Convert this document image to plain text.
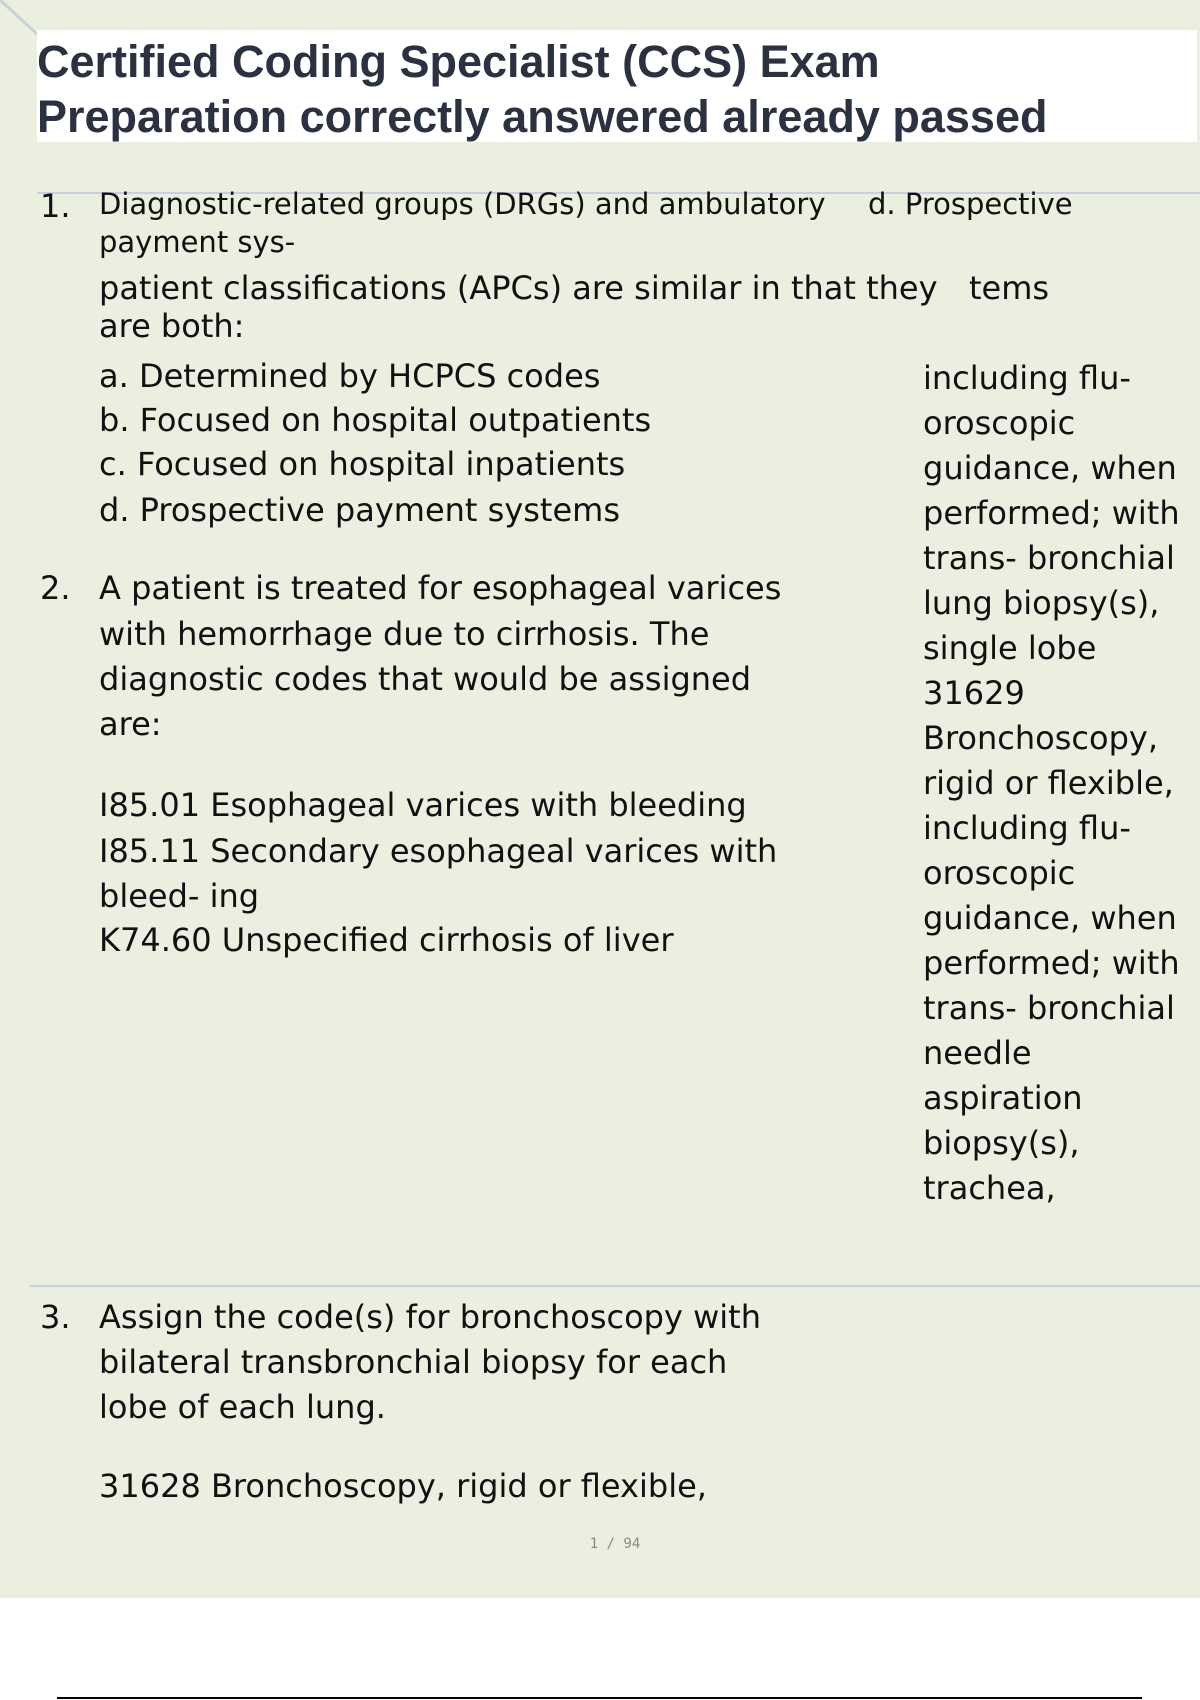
Certified Coding Specialist (CCS) Exam
Preparation correctly answered already passed
1. Diagnostic-related groups (DRGs) and ambulatory d. Prospective
payment sys-
patient classifications (APCs) are similar in that they tems
are both:
a. Determined by HCPCS codes
b. Focused on hospital outpatients
c. Focused on hospital inpatients
d. Prospective payment systems
2. A patient is treated for esophageal varices
with hemorrhage due to cirrhosis. The
diagnostic codes that would be assigned
are:
I85.01 Esophageal varices with bleeding
I85.11 Secondary esophageal varices with
bleed- ing
K74.60 Unspecified cirrhosis of liver
including flu-
oroscopic
guidance, when
performed; with
trans- bronchial
lung biopsy(s),
single lobe
31629
Bronchoscopy,
rigid or flexible,
including flu-
oroscopic
guidance, when
performed; with
trans- bronchial
needle
aspiration
biopsy(s),
trachea,
3. Assign the code(s) for bronchoscopy with
bilateral transbronchial biopsy for each
lobe of each lung.
31628 Bronchoscopy, rigid or flexible,
1 / 94
